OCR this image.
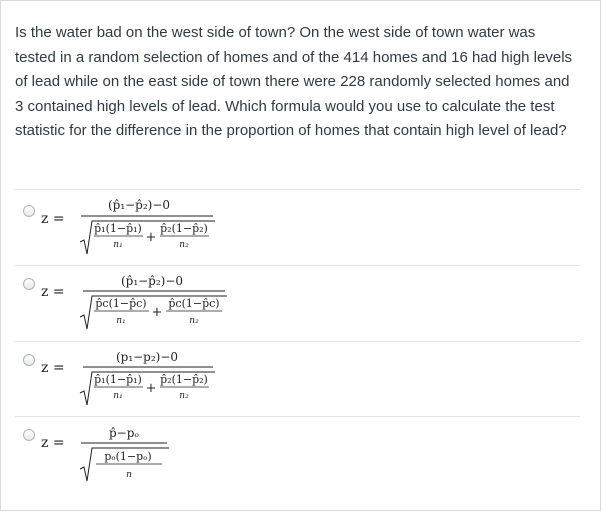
Is the water bad on the west side of town? On the west side of town water was tested in a random selection of homes and of the 414 homes and 16 had high levels of lead while on the east side of town there were 228 randomly selected homes and 3 contained high levels of lead. Which formula would you use to calculate the test statistic for the difference in the proportion of homes that contain high level of lead?
z =
(p̂₁−p̂₂)−0
p̂₁(1−p̂₁)
n₁ +
p̂₂(1−p̂₂)
n₂
z =
(p̂₁−p̂₂)−0
p̂c(1−p̂c)
n₁
+
p̂c(1−p̂c)
n₂
z =
(p₁−p₂)−0
p̂₁(1−p̂₁)
n₁ +
p̂₂(1−p̂₂)
n₂
z =
p̂−pₒ
pₒ(1−pₒ)
n
